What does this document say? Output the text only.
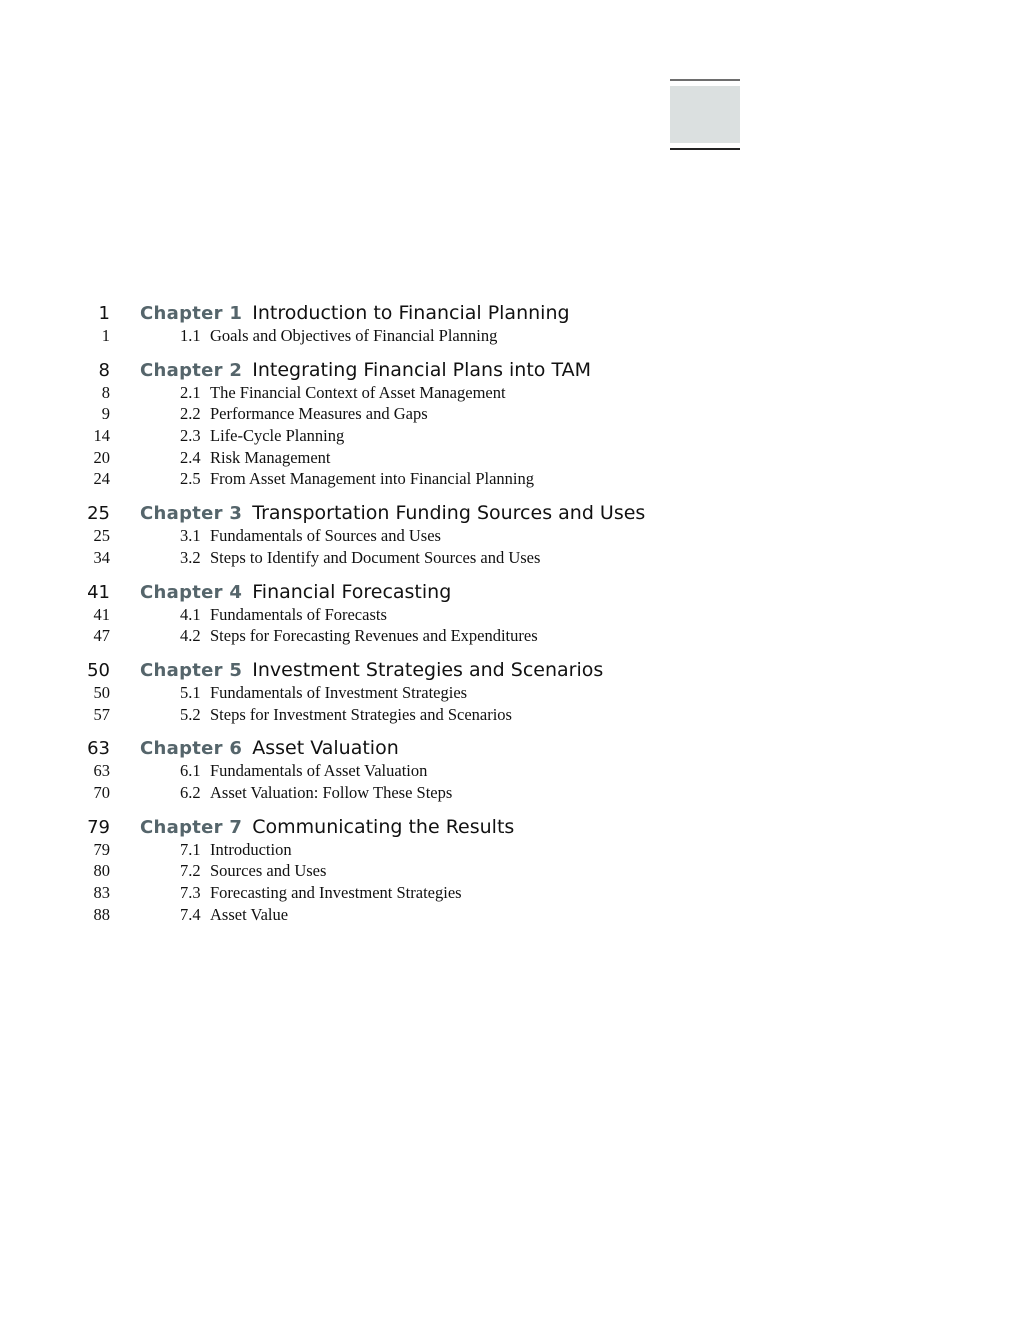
1 Chapter 1 Introduction to Financial Planning
1	1.1 Goals and Objectives of Financial Planning
8 Chapter 2 Integrating Financial Plans into TAM
8	2.1 The Financial Context of Asset Management
9	2.2 Performance Measures and Gaps
14	2.3 Life-Cycle Planning
20	2.4 Risk Management
24	2.5 From Asset Management into Financial Planning
25 Chapter 3 Transportation Funding Sources and Uses
25	3.1 Fundamentals of Sources and Uses
34	3.2 Steps to Identify and Document Sources and Uses
41 Chapter 4 Financial Forecasting
41	4.1 Fundamentals of Forecasts
47	4.2 Steps for Forecasting Revenues and Expenditures
50 Chapter 5 Investment Strategies and Scenarios
50	5.1 Fundamentals of Investment Strategies
57	5.2 Steps for Investment Strategies and Scenarios
63 Chapter 6 Asset Valuation
63	6.1 Fundamentals of Asset Valuation
70	6.2 Asset Valuation: Follow These Steps
79 Chapter 7 Communicating the Results
79	7.1 Introduction
80	7.2 Sources and Uses
83	7.3 Forecasting and Investment Strategies
88	7.4 Asset Value
